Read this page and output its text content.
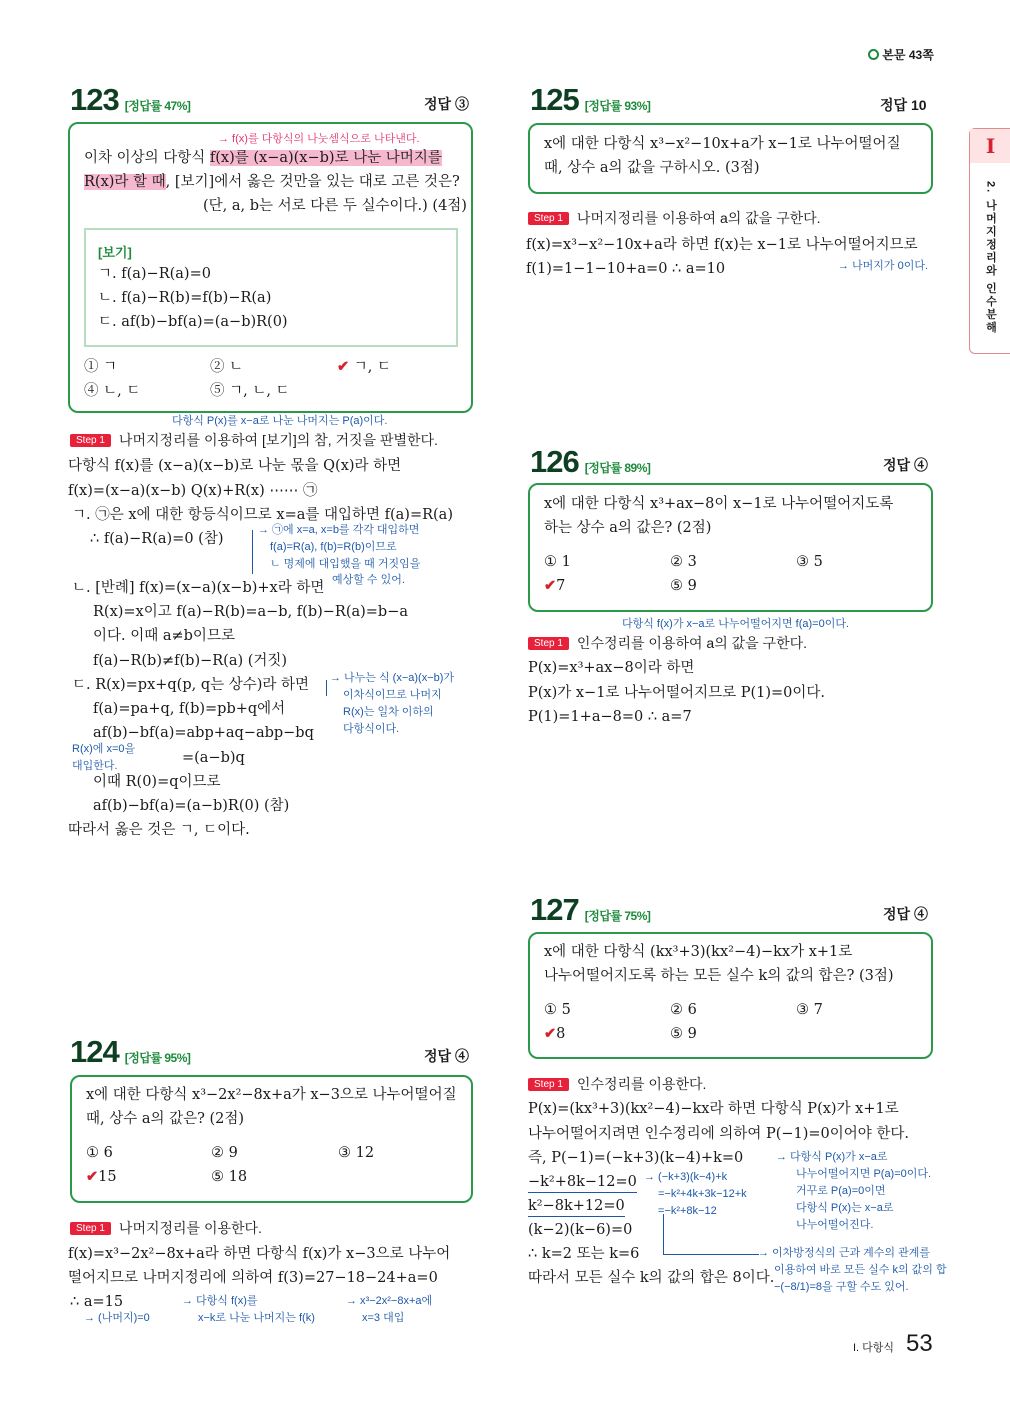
본문 43쪽
I
2. 나머지정리와 인수분해
123 [정답률 47%]	정답 ③
→ f(x)를 다항식의 나눗셈식으로 나타낸다.
이차 이상의 다항식 f(x)를 (x−a)(x−b)로 나눈 나머지를
R(x)라 할 때, [보기]에서 옳은 것만을 있는 대로 고른 것은?
(단, a, b는 서로 다른 두 실수이다.) (4점)
[보기]
ㄱ. f(a)−R(a)=0
ㄴ. f(a)−R(b)=f(b)−R(a)
ㄷ. af(b)−bf(a)=(a−b)R(0)
① ㄱ	② ㄴ	✔ ㄱ, ㄷ
④ ㄴ, ㄷ	⑤ ㄱ, ㄴ, ㄷ
다항식 P(x)를 x−a로 나눈 나머지는 P(a)이다.
Step 1 나머지정리를 이용하여 [보기]의 참, 거짓을 판별한다.
다항식 f(x)를 (x−a)(x−b)로 나눈 몫을 Q(x)라 하면
f(x)=(x−a)(x−b) Q(x)+R(x) ⋯⋯ ㉠
ㄱ. ㉠은 x에 대한 항등식이므로 x=a를 대입하면 f(a)=R(a)
∴ f(a)−R(a)=0 (참)
ㄴ. [반례] f(x)=(x−a)(x−b)+x라 하면
R(x)=x이고 f(a)−R(b)=a−b, f(b)−R(a)=b−a
이다. 이때 a≠b이므로
f(a)−R(b)≠f(b)−R(a) (거짓)
ㄷ. R(x)=px+q(p, q는 상수)라 하면
f(a)=pa+q, f(b)=pb+q에서
af(b)−bf(a)=abp+aq−abp−bq
=(a−b)q
이때 R(0)=q이므로
af(b)−bf(a)=(a−b)R(0) (참)
따라서 옳은 것은 ㄱ, ㄷ이다.
→ ㉠에 x=a, x=b를 각각 대입하면
f(a)=R(a), f(b)=R(b)이므로
ㄴ 명제에 대입했을 때 거짓임을
예상할 수 있어.
→ 나누는 식 (x−a)(x−b)가
이차식이므로 나머지
R(x)는 일차 이하의
다항식이다.
R(x)에 x=0을
대입한다.
124 [정답률 95%]	정답 ④
x에 대한 다항식 x³−2x²−8x+a가 x−3으로 나누어떨어질
때, 상수 a의 값은? (2점)
① 6	② 9	③ 12
✔15	⑤ 18
Step 1 나머지정리를 이용한다.
f(x)=x³−2x²−8x+a라 하면 다항식 f(x)가 x−3으로 나누어
떨어지므로 나머지정리에 의하여 f(3)=27−18−24+a=0
∴ a=15
→ (나머지)=0
→ 다항식 f(x)를
x−k로 나눈 나머지는 f(k)
→ x³−2x²−8x+a에
x=3 대입
125 [정답률 93%]	정답 10
x에 대한 다항식 x³−x²−10x+a가 x−1로 나누어떨어질
때, 상수 a의 값을 구하시오. (3점)
Step 1 나머지정리를 이용하여 a의 값을 구한다.
f(x)=x³−x²−10x+a라 하면 f(x)는 x−1로 나누어떨어지므로
f(1)=1−1−10+a=0 ∴ a=10	→ 나머지가 0이다.
126 [정답률 89%]	정답 ④
x에 대한 다항식 x³+ax−8이 x−1로 나누어떨어지도록
하는 상수 a의 값은? (2점)
① 1	② 3	③ 5
✔7	⑤ 9
다항식 f(x)가 x−a로 나누어떨어지면 f(a)=0이다.
Step 1 인수정리를 이용하여 a의 값을 구한다.
P(x)=x³+ax−8이라 하면
P(x)가 x−1로 나누어떨어지므로 P(1)=0이다.
P(1)=1+a−8=0 ∴ a=7
127 [정답률 75%]	정답 ④
x에 대한 다항식 (kx³+3)(kx²−4)−kx가 x+1로
나누어떨어지도록 하는 모든 실수 k의 값의 합은? (3점)
① 5	② 6	③ 7
✔8	⑤ 9
Step 1 인수정리를 이용한다.
P(x)=(kx³+3)(kx²−4)−kx라 하면 다항식 P(x)가 x+1로
나누어떨어지려면 인수정리에 의하여 P(−1)=0이어야 한다.
즉, P(−1)=(−k+3)(k−4)+k=0
−k²+8k−12=0
k²−8k+12=0
(k−2)(k−6)=0
∴ k=2 또는 k=6
따라서 모든 실수 k의 값의 합은 8이다.
→ 다항식 P(x)가 x−a로
나누어떨어지면 P(a)=0이다.
거꾸로 P(a)=0이면
다항식 P(x)는 x−a로
나누어떨어진다.
→ (−k+3)(k−4)+k
=−k²+4k+3k−12+k
=−k²+8k−12
→ 이차방정식의 근과 계수의 관계를
이용하여 바로 모든 실수 k의 값의 합
−(−8/1)=8을 구할 수도 있어.
I. 다항식 53
